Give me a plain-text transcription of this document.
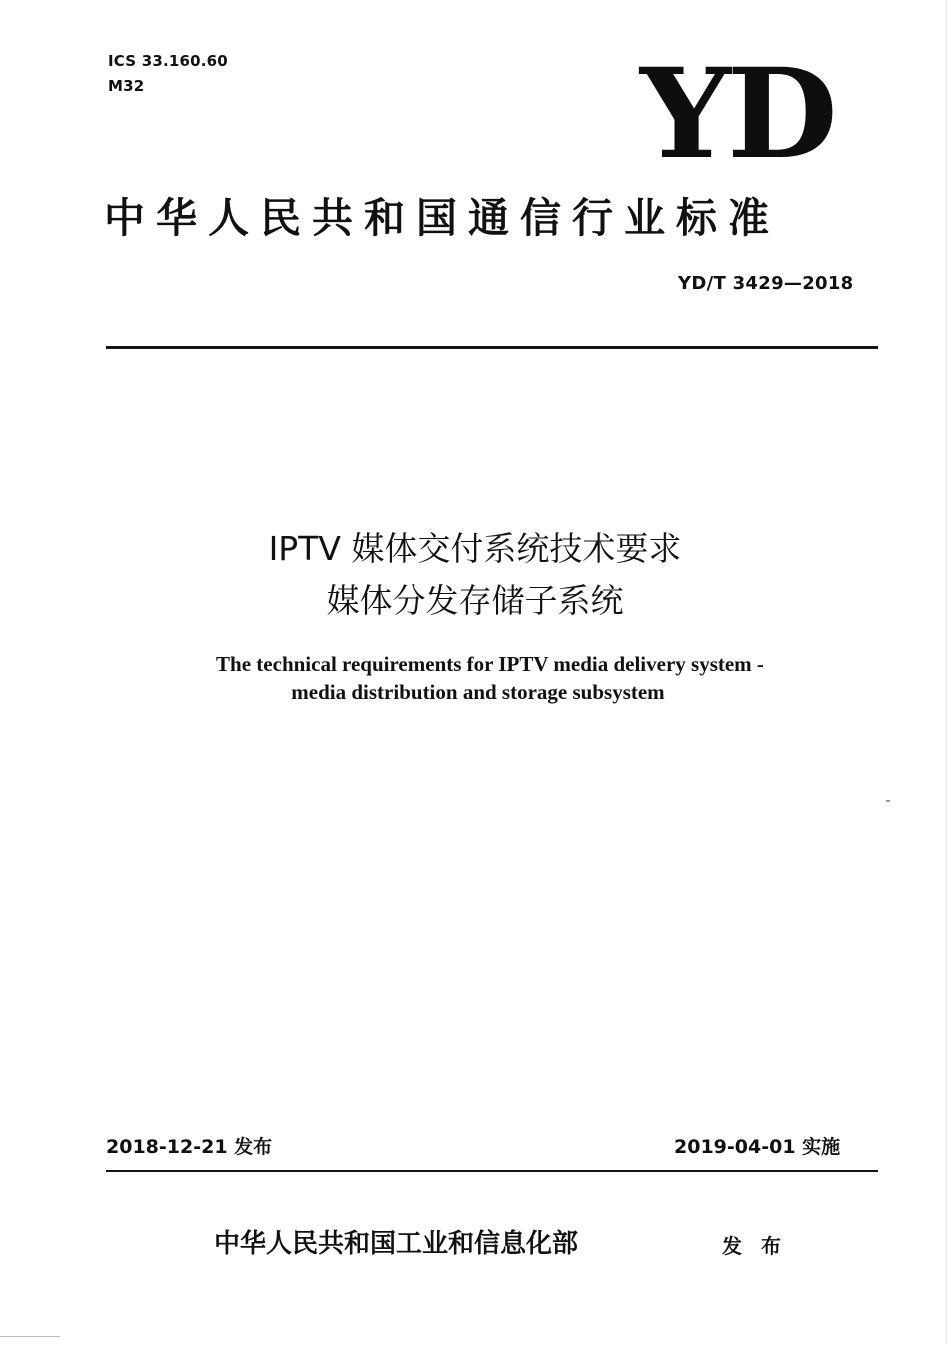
ICS 33.160.60
M32	YD
中华人民共和国通信行业标准
YD/T 3429—2018
IPTV 媒体交付系统技术要求
媒体分发存储子系统
The technical requirements for IPTV media delivery system -
media distribution and storage subsystem
2018-12-21 发布	2019-04-01 实施
中华人民共和国工业和信息化部	发 布
